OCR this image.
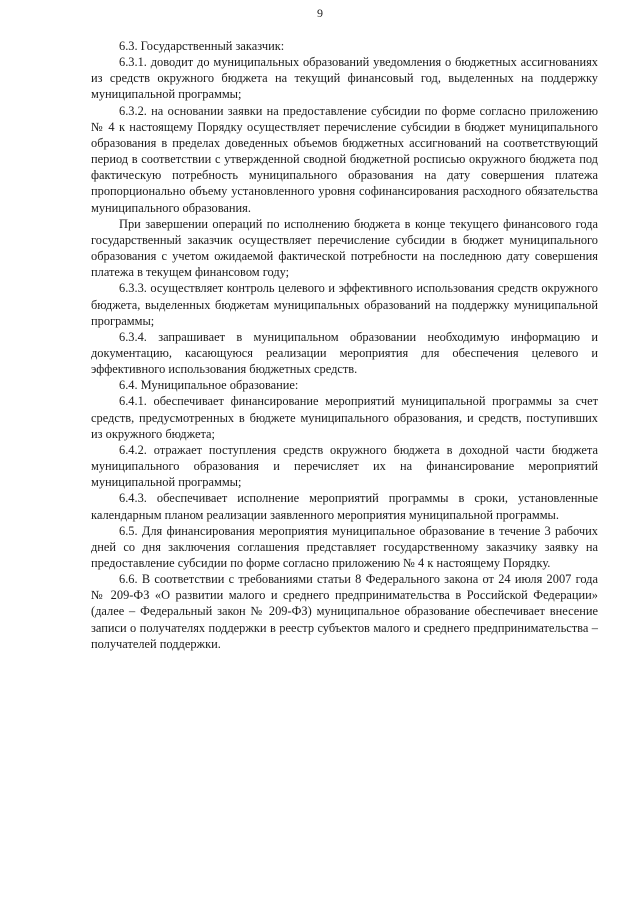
9

6.3. Государственный заказчик:

6.3.1. доводит до муниципальных образований уведомления о бюджетных ассигнованиях из средств окружного бюджета на текущий финансовый год, выделенных на поддержку муниципальной программы;

6.3.2. на основании заявки на предоставление субсидии по форме согласно приложению № 4 к настоящему Порядку осуществляет перечисление субсидии в бюджет муниципального образования в пределах доведенных объемов бюджетных ассигнований на соответствующий период в соответствии с утвержденной сводной бюджетной росписью окружного бюджета под фактическую потребность муниципального образования на дату совершения платежа пропорционально объему установленного уровня софинансирования расходного обязательства муниципального образования.

При завершении операций по исполнению бюджета в конце текущего финансового года государственный заказчик осуществляет перечисление субсидии в бюджет муниципального образования с учетом ожидаемой фактической потребности на последнюю дату совершения платежа в текущем финансовом году;

6.3.3. осуществляет контроль целевого и эффективного использования средств окружного бюджета, выделенных бюджетам муниципальных образований на поддержку муниципальной программы;

6.3.4. запрашивает в муниципальном образовании необходимую информацию и документацию, касающуюся реализации мероприятия для обеспечения целевого и эффективного использования бюджетных средств.

6.4. Муниципальное образование:

6.4.1. обеспечивает финансирование мероприятий муниципальной программы за счет средств, предусмотренных в бюджете муниципального образования, и средств, поступивших из окружного бюджета;

6.4.2. отражает поступления средств окружного бюджета в доходной части бюджета муниципального образования и перечисляет их на финансирование мероприятий муниципальной программы;

6.4.3. обеспечивает исполнение мероприятий программы в сроки, установленные календарным планом реализации заявленного мероприятия муниципальной программы.

6.5. Для финансирования мероприятия муниципальное образование в течение 3 рабочих дней со дня заключения соглашения представляет государственному заказчику заявку на предоставление субсидии по форме согласно приложению № 4 к настоящему Порядку.

6.6. В соответствии с требованиями статьи 8 Федерального закона от 24 июля 2007 года № 209-ФЗ «О развитии малого и среднего предпринимательства в Российской Федерации» (далее – Федеральный закон № 209-ФЗ) муниципальное образование обеспечивает внесение записи о получателях поддержки в реестр субъектов малого и среднего предпринимательства – получателей поддержки.
